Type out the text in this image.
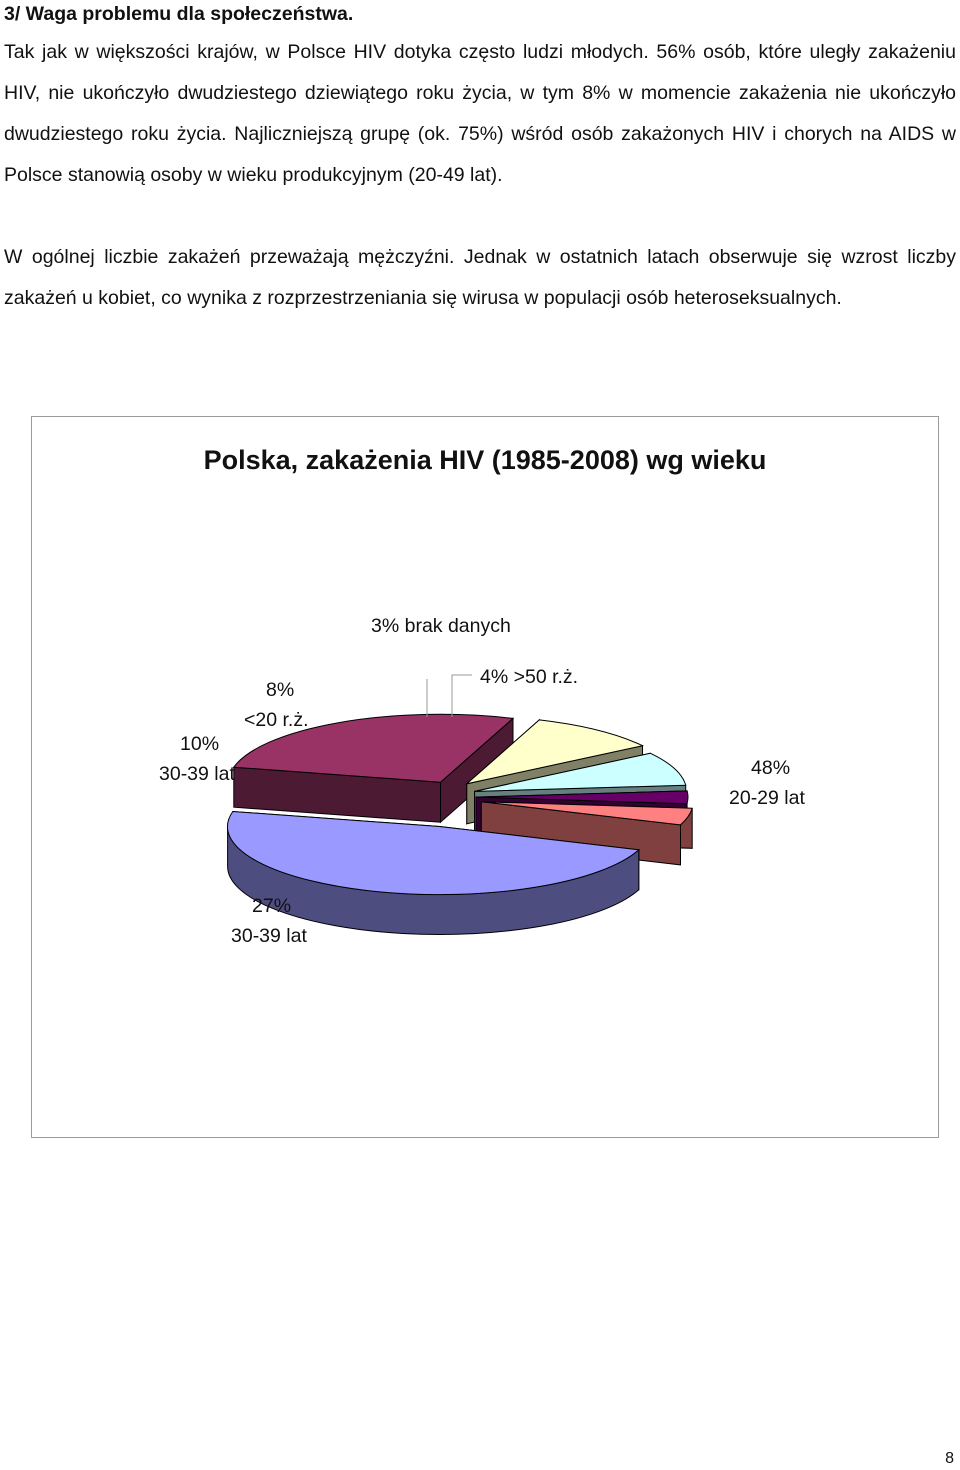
3/ Waga problemu dla społeczeństwa.

Tak jak w większości krajów, w Polsce HIV dotyka często ludzi młodych. 56% osób, które uległy zakażeniu HIV, nie ukończyło dwudziestego dziewiątego roku życia, w tym 8% w momencie zakażenia nie ukończyło dwudziestego roku życia. Najliczniejszą grupę (ok. 75%) wśród osób zakażonych HIV i chorych na AIDS w Polsce stanowią osoby w wieku produkcyjnym (20-49 lat).

W ogólnej liczbie zakażeń przeważają mężczyźni. Jednak w ostatnich latach obserwuje się wzrost liczby zakażeń u kobiet, co wynika z rozprzestrzeniania się wirusa w populacji osób heteroseksualnych.

Polska, zakażenia HIV (1985-2008) wg wieku
3% brak danych
4% >50 r.ż.
8%
<20 r.ż.
10%
30-39 lat	48%
20-29 lat
27%
30-39 lat
8
